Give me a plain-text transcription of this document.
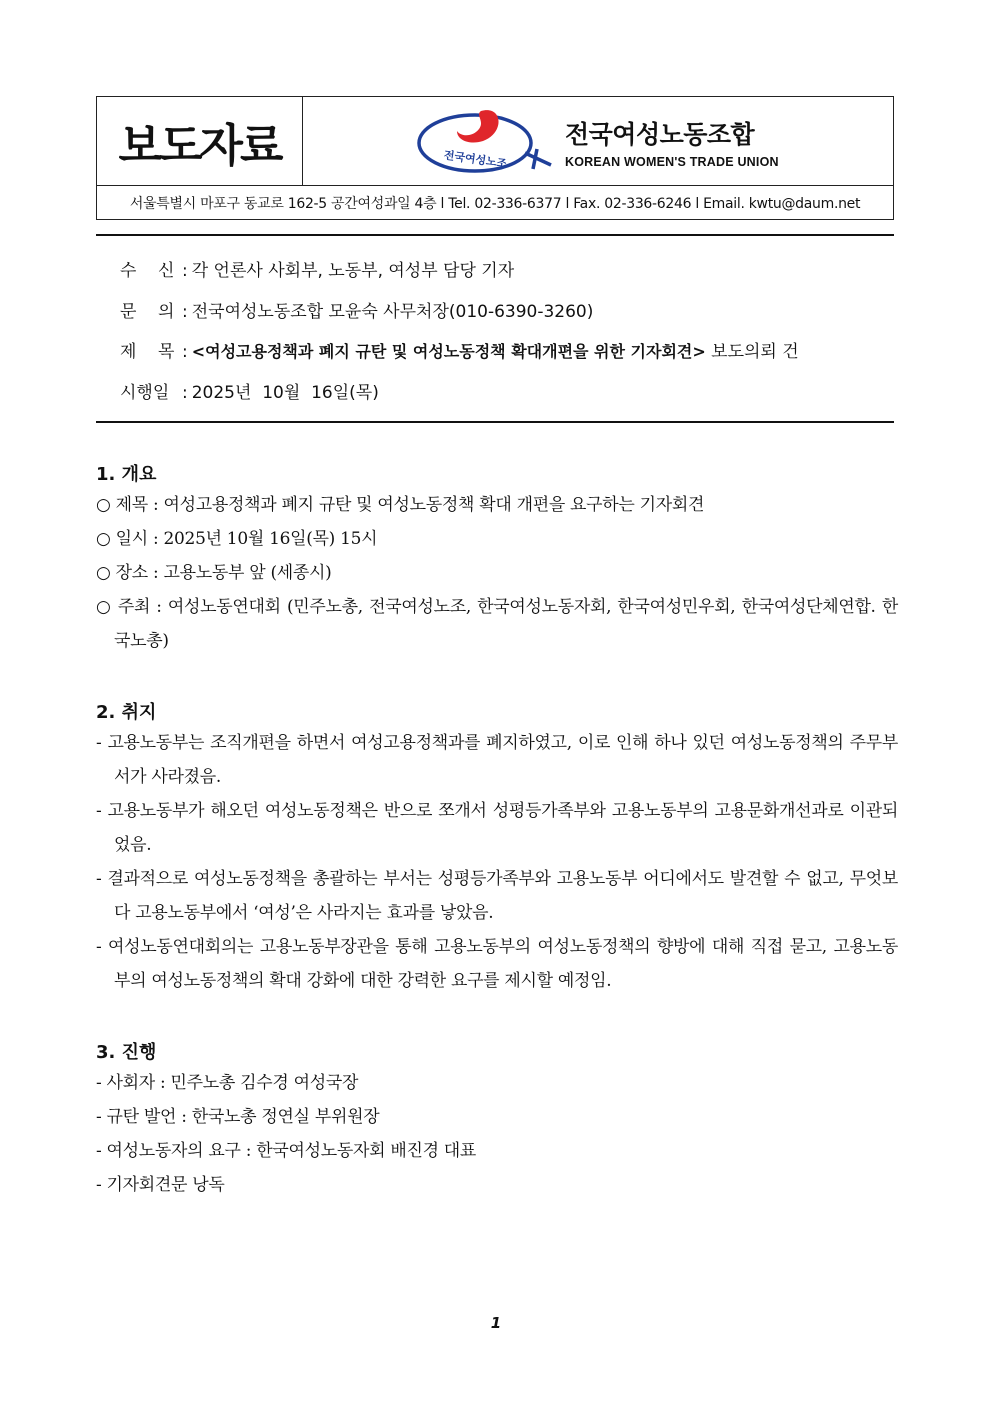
보도자료	전국여성노조
전국여성노동조합
KOREAN WOMEN'S TRADE UNION
서울특별시 마포구 동교로 162-5 공간여성과일 4층 l Tel. 02-336-6377 l Fax. 02-336-6246 l Email. kwtu@daum.net
수    신 : 각 언론사 사회부, 노동부, 여성부 담당 기자
문    의 : 전국여성노동조합 모윤숙 사무처장(010-6390-3260)
제    목 : <여성고용정책과 폐지 규탄 및 여성노동정책 확대개편을 위한 기자회견> 보도의뢰 건
시행일 : 2025년  10월  16일(목)
1. 개요
○ 제목 : 여성고용정책과 폐지 규탄 및 여성노동정책 확대 개편을 요구하는 기자회견
○ 일시 : 2025년 10월 16일(목) 15시
○ 장소 : 고용노동부 앞 (세종시)
○ 주최 : 여성노동연대회 (민주노총, 전국여성노조, 한국여성노동자회, 한국여성민우회, 한국여성단체연합. 한국노총)
2. 취지
- 고용노동부는 조직개편을 하면서 여성고용정책과를 폐지하였고, 이로 인해 하나 있던 여성노동정책의 주무부서가 사라졌음.
- 고용노동부가 해오던 여성노동정책은 반으로 쪼개서 성평등가족부와 고용노동부의 고용문화개선과로 이관되었음.
- 결과적으로 여성노동정책을 총괄하는 부서는 성평등가족부와 고용노동부 어디에서도 발견할 수 없고, 무엇보다 고용노동부에서 ‘여성’은 사라지는 효과를 낳았음.
- 여성노동연대회의는 고용노동부장관을 통해 고용노동부의 여성노동정책의 향방에 대해 직접 묻고, 고용노동부의 여성노동정책의 확대 강화에 대한 강력한 요구를 제시할 예정임.
3. 진행
- 사회자 : 민주노총 김수경 여성국장
- 규탄 발언 : 한국노총 정연실 부위원장
- 여성노동자의 요구 : 한국여성노동자회 배진경 대표
- 기자회견문 낭독
1
